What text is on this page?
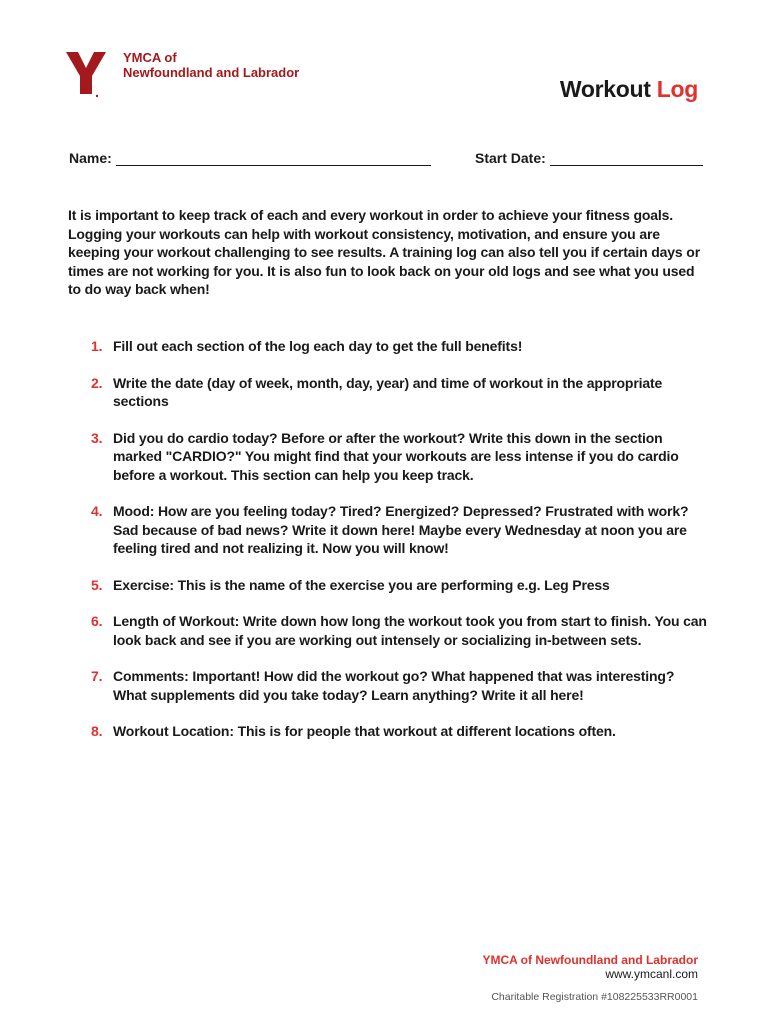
YMCA of
Newfoundland and Labrador
Workout Log
Name:	Start Date:

It is important to keep track of each and every workout in order to achieve your fitness goals. Logging your workouts can help with workout consistency, motivation, and ensure you are keeping your workout challenging to see results. A training log can also tell you if certain days or times are not working for you. It is also fun to look back on your old logs and see what you used to do way back when!

1. Fill out each section of the log each day to get the full benefits!
2. Write the date (day of week, month, day, year) and time of workout in the appropriate sections
3. Did you do cardio today? Before or after the workout? Write this down in the section marked "CARDIO?" You might find that your workouts are less intense if you do cardio before a workout. This section can help you keep track.
4. Mood: How are you feeling today? Tired? Energized? Depressed? Frustrated with work? Sad because of bad news? Write it down here! Maybe every Wednesday at noon you are feeling tired and not realizing it. Now you will know!
5. Exercise: This is the name of the exercise you are performing e.g. Leg Press
6. Length of Workout: Write down how long the workout took you from start to finish. You can look back and see if you are working out intensely or socializing in-between sets.
7. Comments: Important! How did the workout go? What happened that was interesting? What supplements did you take today? Learn anything? Write it all here!
8. Workout Location: This is for people that workout at different locations often.
YMCA of Newfoundland and Labrador
www.ymcanl.com
Charitable Registration #108225533RR0001
